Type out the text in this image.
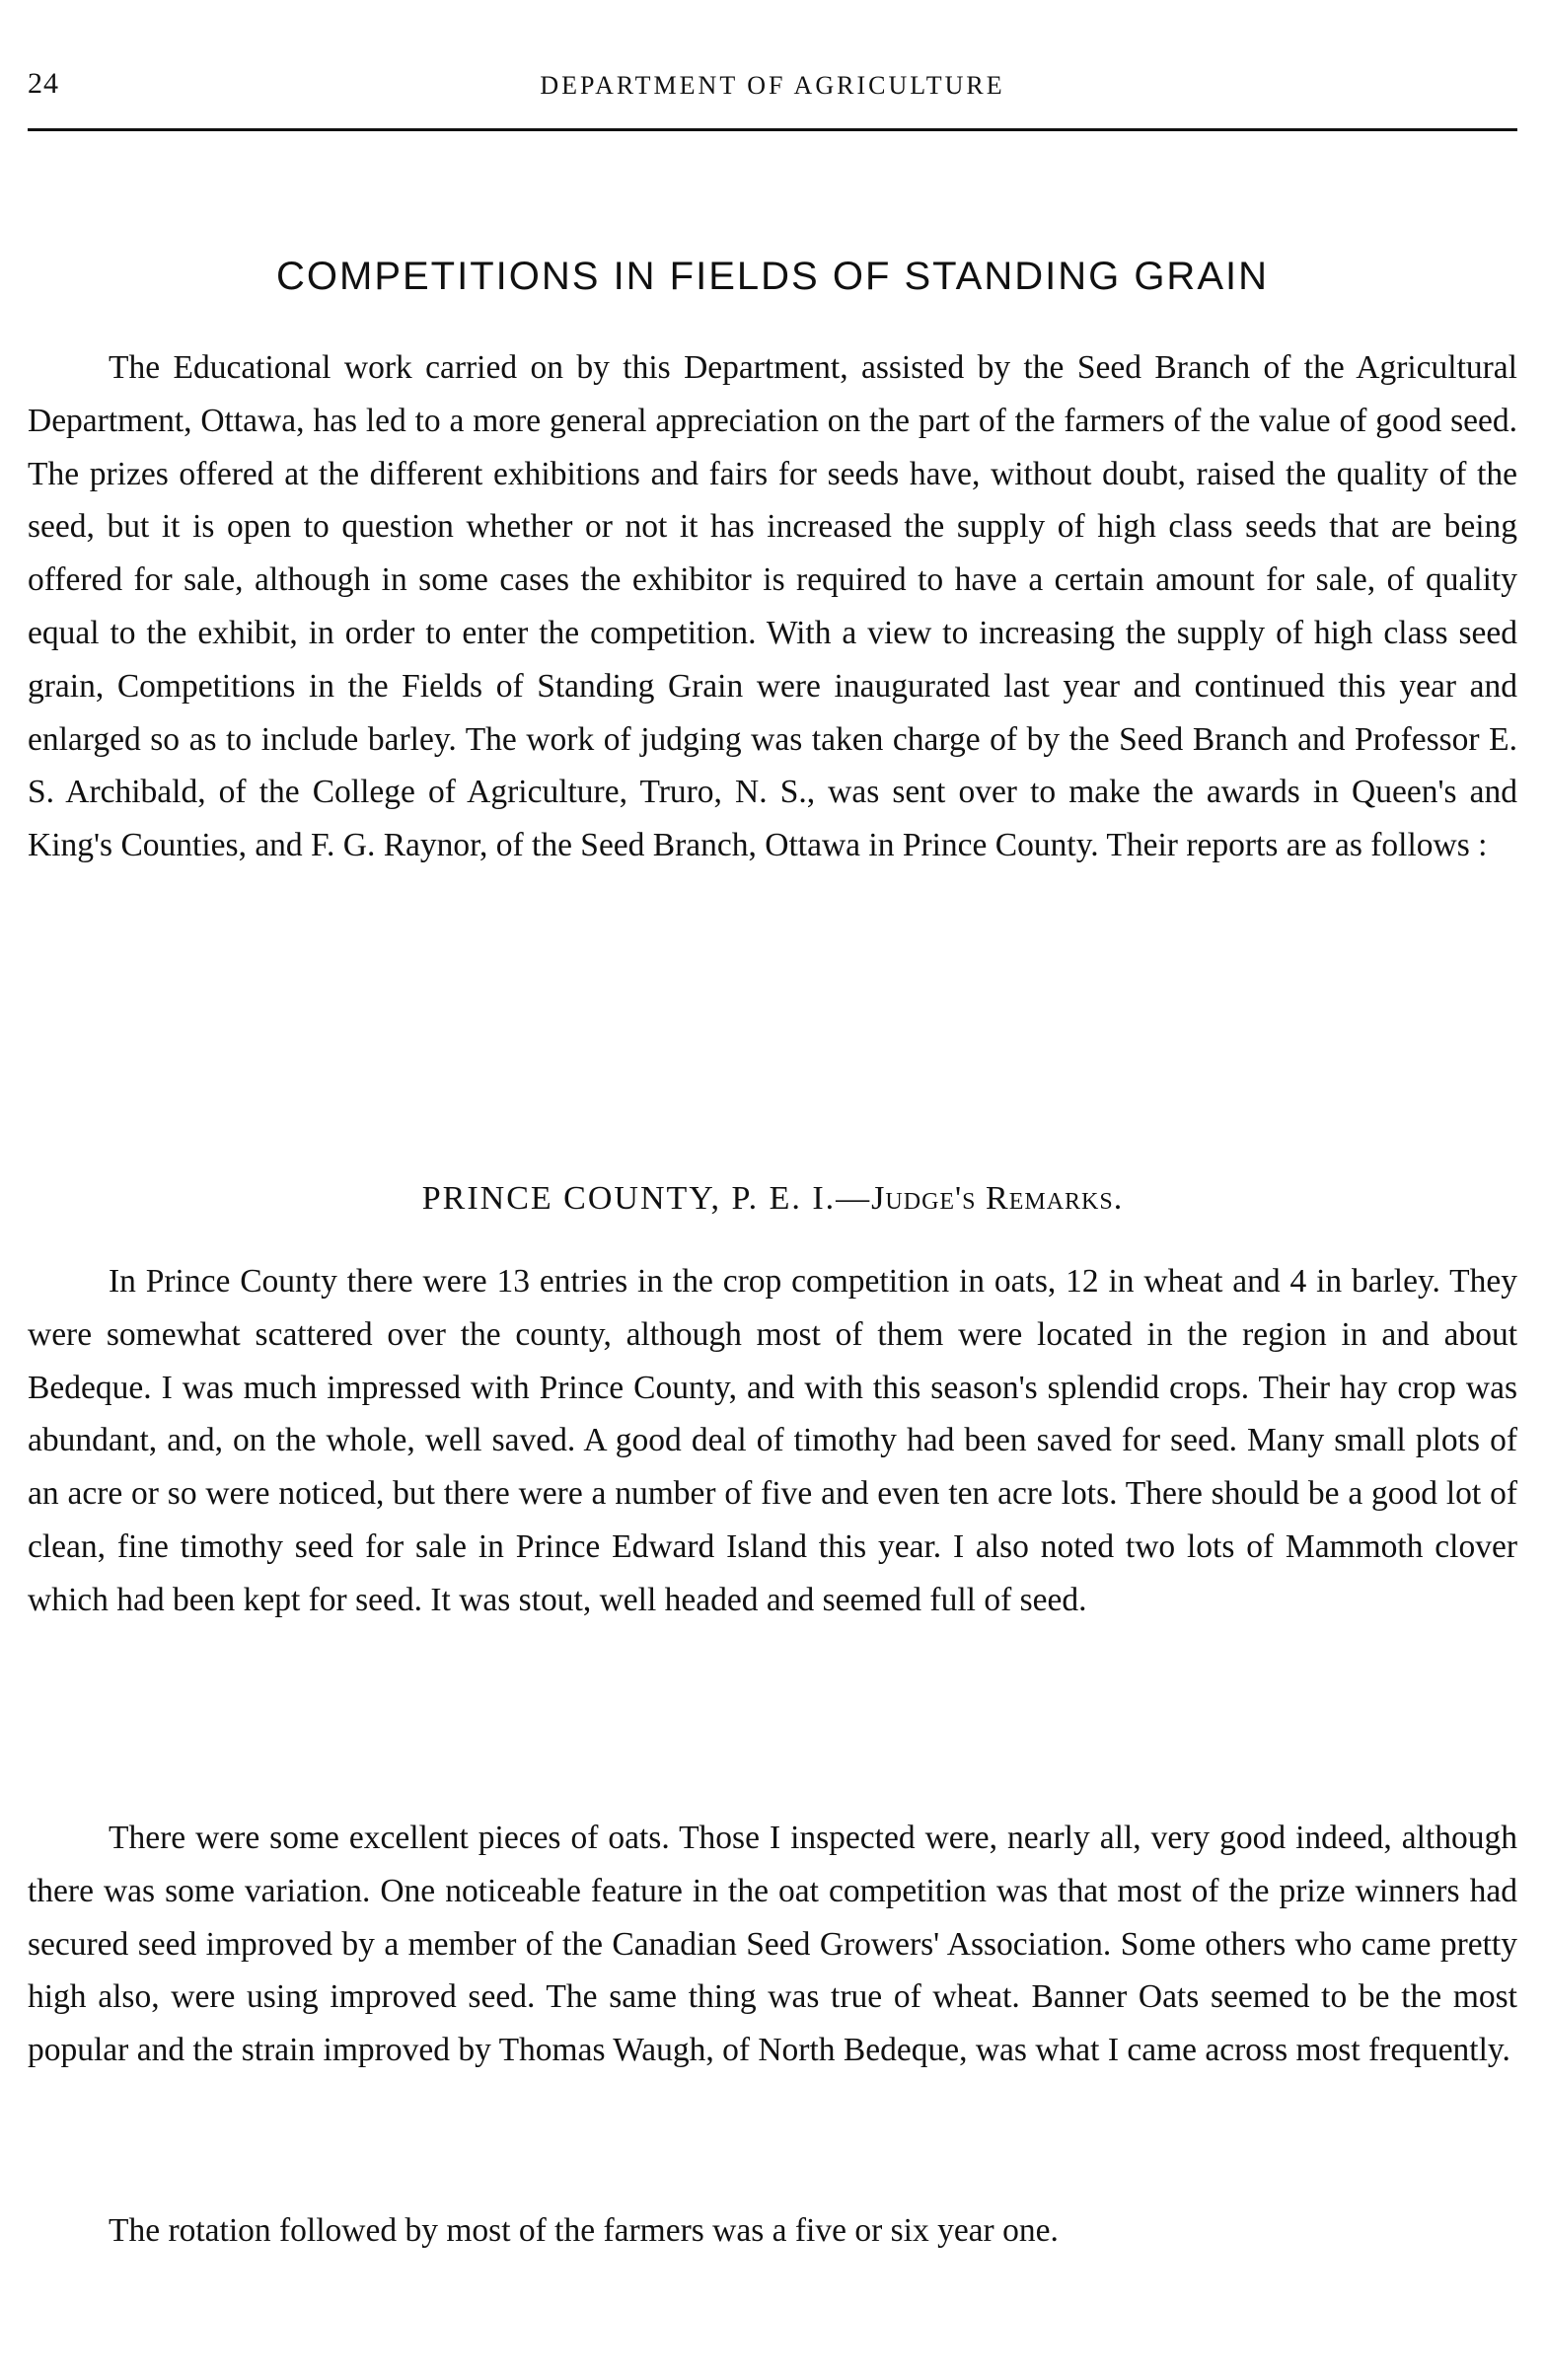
24	DEPARTMENT OF AGRICULTURE
COMPETITIONS IN FIELDS OF STANDING GRAIN

The Educational work carried on by this Department, assisted by the Seed Branch of the Agricultural Department, Ottawa, has led to a more general appreciation on the part of the farmers of the value of good seed. The prizes offered at the different exhibitions and fairs for seeds have, without doubt, raised the quality of the seed, but it is open to question whether or not it has increased the supply of high class seeds that are being offered for sale, although in some cases the exhibitor is required to have a certain amount for sale, of quality equal to the exhibit, in order to enter the competition. With a view to increasing the supply of high class seed grain, Competitions in the Fields of Standing Grain were inaugurated last year and continued this year and enlarged so as to include barley. The work of judging was taken charge of by the Seed Branch and Professor E. S. Archibald, of the College of Agriculture, Truro, N. S., was sent over to make the awards in Queen's and King's Counties, and F. G. Raynor, of the Seed Branch, Ottawa in Prince County. Their reports are as follows :

PRINCE COUNTY, P. E. I.—Judge's Remarks.

In Prince County there were 13 entries in the crop competition in oats, 12 in wheat and 4 in barley. They were somewhat scattered over the county, although most of them were located in the region in and about Bedeque. I was much impressed with Prince County, and with this season's splendid crops. Their hay crop was abundant, and, on the whole, well saved. A good deal of timothy had been saved for seed. Many small plots of an acre or so were noticed, but there were a number of five and even ten acre lots. There should be a good lot of clean, fine timothy seed for sale in Prince Edward Island this year. I also noted two lots of Mammoth clover which had been kept for seed. It was stout, well headed and seemed full of seed.

There were some excellent pieces of oats. Those I inspected were, nearly all, very good indeed, although there was some variation. One noticeable feature in the oat competition was that most of the prize winners had secured seed improved by a member of the Canadian Seed Growers' Association. Some others who came pretty high also, were using improved seed. The same thing was true of wheat. Banner Oats seemed to be the most popular and the strain improved by Thomas Waugh, of North Bedeque, was what I came across most frequently.

The rotation followed by most of the farmers was a five or six year one.
